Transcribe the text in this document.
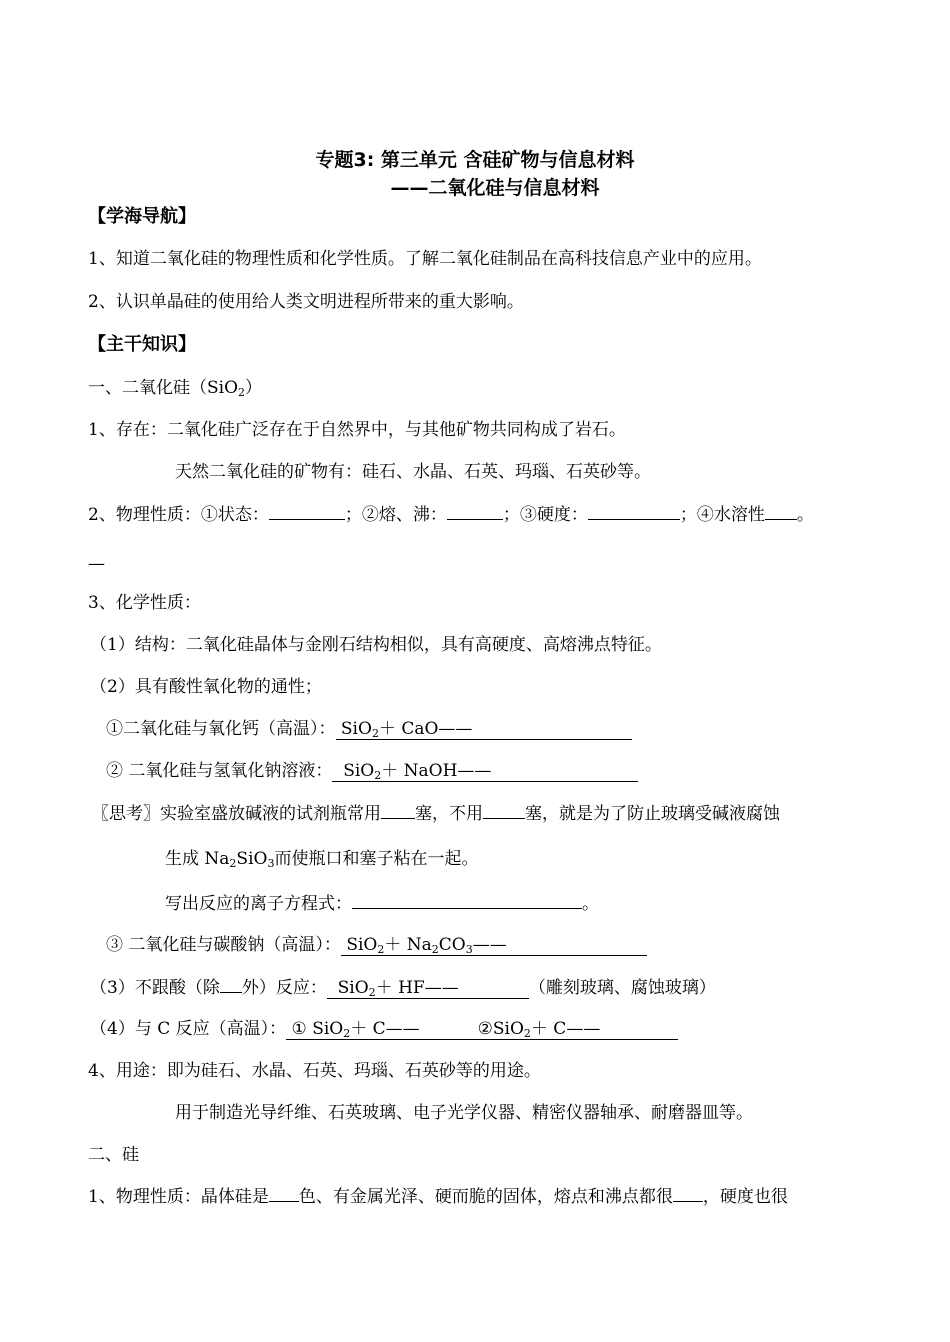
专题3: 第三单元 含硅矿物与信息材料
——二氧化硅与信息材料
【学海导航】
1、知道二氧化硅的物理性质和化学性质。了解二氧化硅制品在高科技信息产业中的应用。
2、认识单晶硅的使用给人类文明进程所带来的重大影响。
【主干知识】
一、二氧化硅（SiO$_2$）
1、存在：二氧化硅广泛存在于自然界中，与其他矿物共同构成了岩石。
天然二氧化硅的矿物有：硅石、水晶、石英、玛瑙、石英砂等。
2、物理性质：①状态：	；②熔、沸：	；③硬度：	；④水溶性 。
—
3、化学性质：
（1）结构：二氧化硅晶体与金刚石结构相似，具有高硬度、高熔沸点特征。
（2）具有酸性氧化物的通性；
①二氧化硅与氧化钙（高温）： SiO$_2$＋ CaO——
② 二氧化硅与氢氧化钠溶液： SiO$_2$＋ NaOH——
〖思考〗实验室盛放碱液的试剂瓶常用 塞，不用 塞，就是为了防止玻璃受碱液腐蚀
生成 $Na_2SiO_3$而使瓶口和塞子粘在一起。
写出反应的离子方程式：	。
③ 二氧化硅与碳酸钠（高温）： $SiO_2+ Na_2CO_3——$
（3）不跟酸（除 外）反应： SiO$_2$＋ HF——	（雕刻玻璃、腐蚀玻璃）
（4）与 C 反应（高温）： ① SiO$_2$＋ C——	②SiO$_2$＋ C——
4、用途：即为硅石、水晶、石英、玛瑙、石英砂等的用途。
用于制造光导纤维、石英玻璃、电子光学仪器、精密仪器轴承、耐磨器皿等。
二、硅
1、物理性质：晶体硅是 色、有金属光泽、硬而脆的固体，熔点和沸点都很 ，硬度也很
